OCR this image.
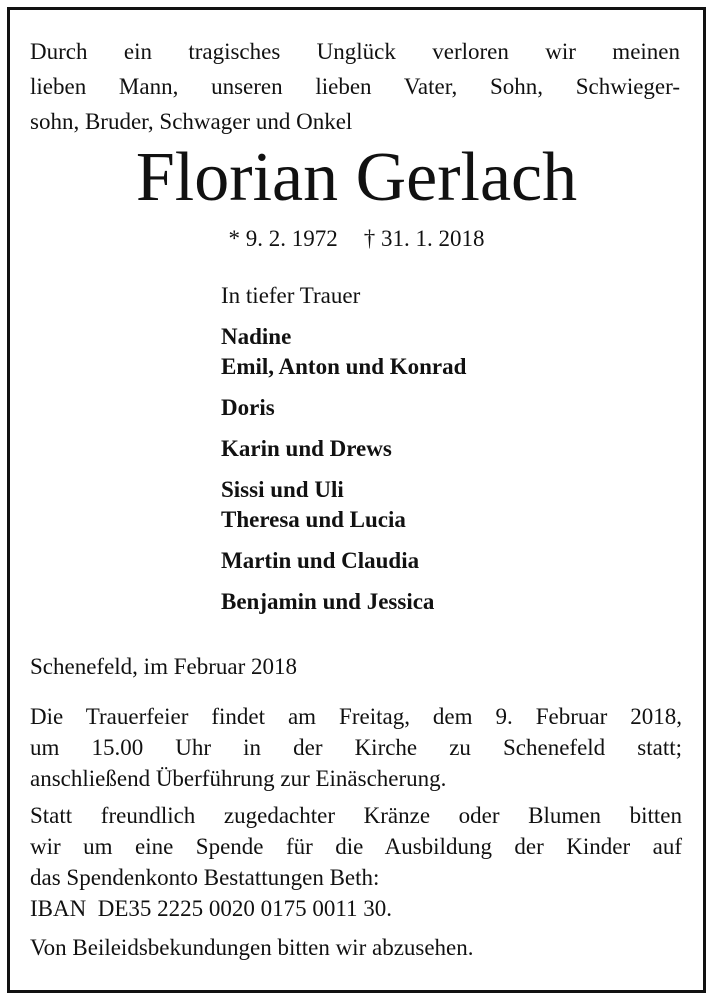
Durch ein tragisches Unglück verloren wir meinen
lieben Mann, unseren lieben Vater, Sohn, Schwieger-
sohn, Bruder, Schwager und Onkel
Florian Gerlach
* 9. 2. 1972 † 31. 1. 2018
In tiefer Trauer
Nadine
Emil, Anton und Konrad
Doris
Karin und Drews
Sissi und Uli
Theresa und Lucia
Martin und Claudia
Benjamin und Jessica
Schenefeld, im Februar 2018
Die Trauerfeier findet am Freitag, dem 9. Februar 2018,
um 15.00 Uhr in der Kirche zu Schenefeld statt;
anschließend Überführung zur Einäscherung.
Statt freundlich zugedachter Kränze oder Blumen bitten
wir um eine Spende für die Ausbildung der Kinder auf
das Spendenkonto Bestattungen Beth:
IBAN  DE35 2225 0020 0175 0011 30.
Von Beileidsbekundungen bitten wir abzusehen.
